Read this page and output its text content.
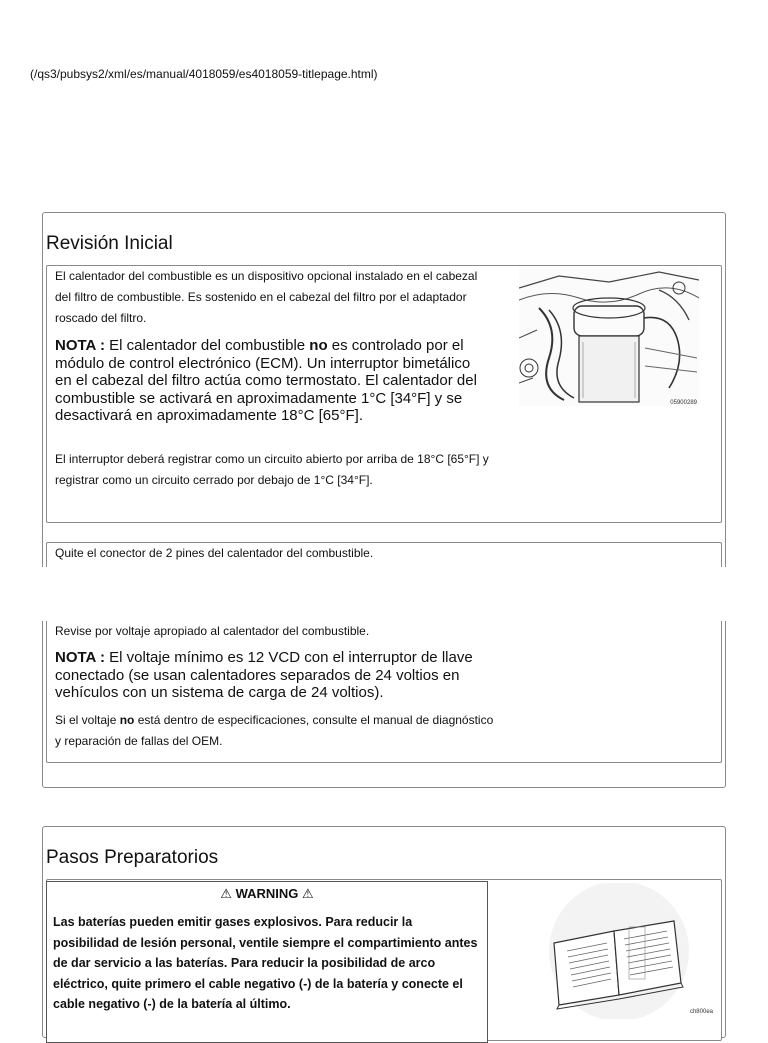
(/qs3/pubsys2/xml/es/manual/4018059/es4018059-titlepage.html)
Revisión Inicial
El calentador del combustible es un dispositivo opcional instalado en el cabezal del filtro de combustible. Es sostenido en el cabezal del filtro por el adaptador roscado del filtro.
NOTA : El calentador del combustible no es controlado por el módulo de control electrónico (ECM). Un interruptor bimetálico en el cabezal del filtro actúa como termostato. El calentador del combustible se activará en aproximadamente 1°C [34°F] y se desactivará en aproximadamente 18°C [65°F].
El interruptor deberá registrar como un circuito abierto por arriba de 18°C [65°F] y registrar como un circuito cerrado por debajo de 1°C [34°F].
05900289
Quite el conector de 2 pines del calentador del combustible.
Revise por voltaje apropiado al calentador del combustible.
NOTA : El voltaje mínimo es 12 VCD con el interruptor de llave conectado (se usan calentadores separados de 24 voltios en vehículos con un sistema de carga de 24 voltios).
Si el voltaje no está dentro de especificaciones, consulte el manual de diagnóstico y reparación de fallas del OEM.
Pasos Preparatorios
⚠ WARNING ⚠
Las baterías pueden emitir gases explosivos. Para reducir la posibilidad de lesión personal, ventile siempre el compartimiento antes de dar servicio a las baterías. Para reducir la posibilidad de arco eléctrico, quite primero el cable negativo (-) de la batería y conecte el cable negativo (-) de la batería al último.
ch800ea
